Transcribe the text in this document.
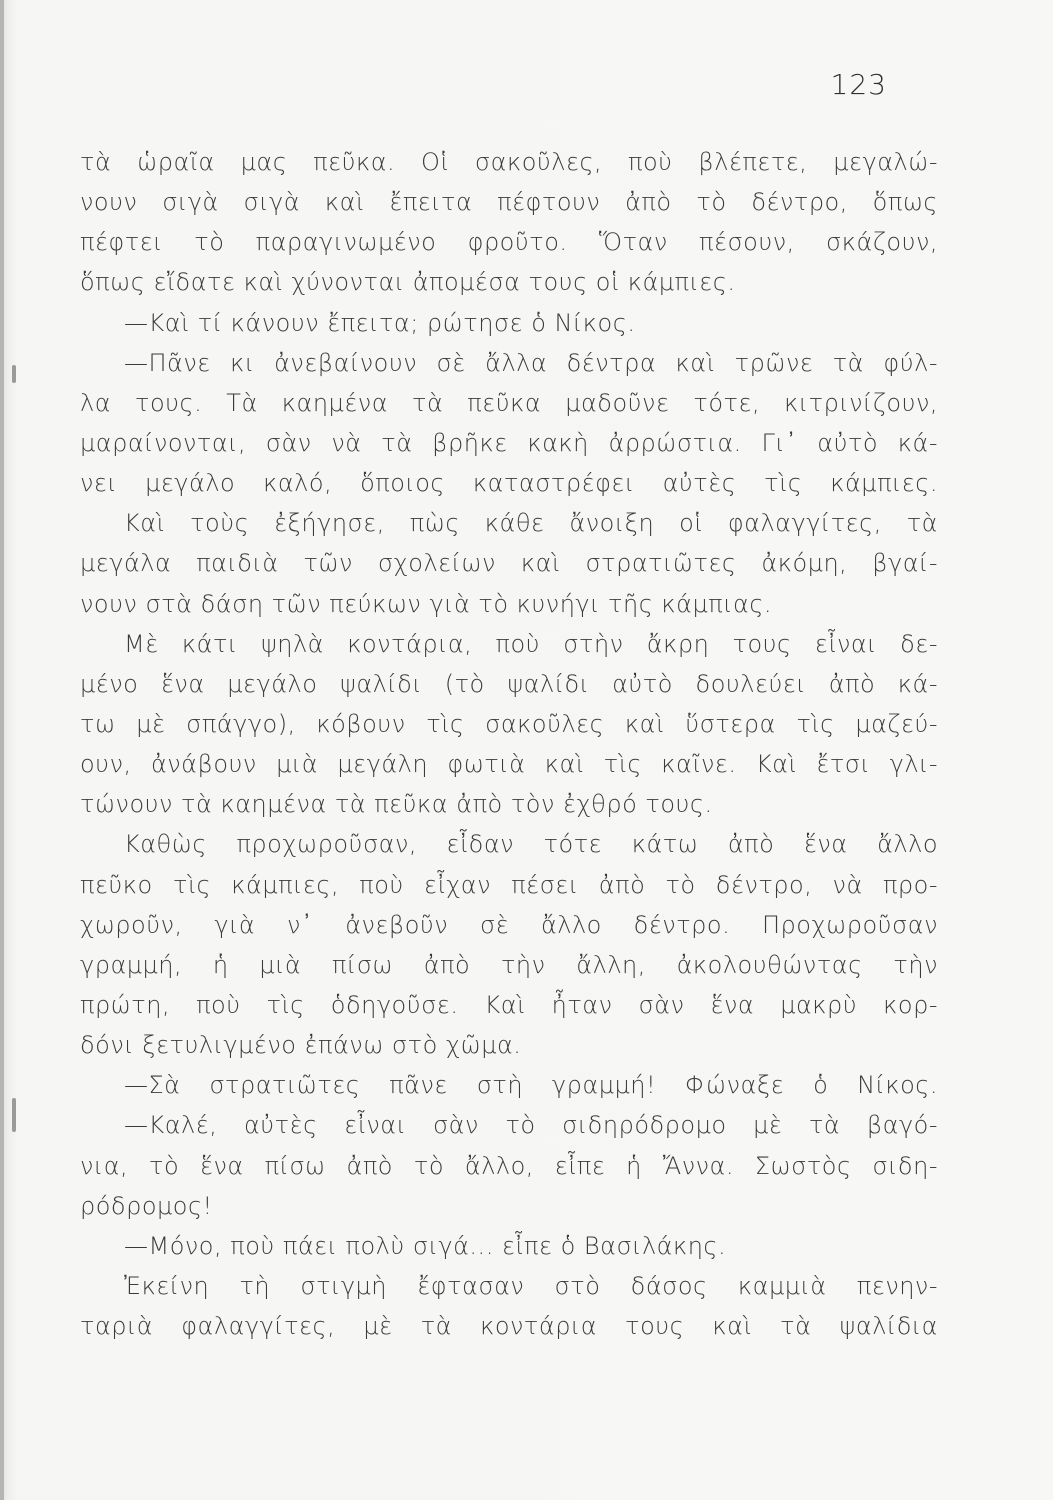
123
τὰ ὡραῖα μας πεῦκα. Οἱ σακοῦλες, ποὺ βλέπετε, μεγαλώ-
νουν σιγὰ σιγὰ καὶ ἔπειτα πέφτουν ἀπὸ τὸ δέντρο, ὅπως
πέφτει τὸ παραγινωμένο φροῦτο. Ὅταν πέσουν, σκάζουν,
ὅπως εἴδατε καὶ χύνονται ἀπομέσα τους οἱ κάμπιες.
—Καὶ τί κάνουν ἔπειτα; ρώτησε ὁ Νίκος.
—Πᾶνε κι ἀνεβαίνουν σὲ ἄλλα δέντρα καὶ τρῶνε τὰ φύλ-
λα τους. Τὰ καημένα τὰ πεῦκα μαδοῦνε τότε, κιτρινίζουν,
μαραίνονται, σὰν νὰ τὰ βρῆκε κακὴ ἀρρώστια. Γι᾽ αὐτὸ κά-
νει μεγάλο καλό, ὅποιος καταστρέφει αὐτὲς τὶς κάμπιες.
Καὶ τοὺς ἐξήγησε, πὼς κάθε ἄνοιξη οἱ φαλαγγίτες, τὰ
μεγάλα παιδιὰ τῶν σχολείων καὶ στρατιῶτες ἀκόμη, βγαί-
νουν στὰ δάση τῶν πεύκων γιὰ τὸ κυνήγι τῆς κάμπιας.
Μὲ κάτι ψηλὰ κοντάρια, ποὺ στὴν ἄκρη τους εἶναι δε-
μένο ἕνα μεγάλο ψαλίδι (τὸ ψαλίδι αὐτὸ δουλεύει ἀπὸ κά-
τω μὲ σπάγγο), κόβουν τὶς σακοῦλες καὶ ὕστερα τὶς μαζεύ-
ουν, ἀνάβουν μιὰ μεγάλη φωτιὰ καὶ τὶς καῖνε. Καὶ ἔτσι γλι-
τώνουν τὰ καημένα τὰ πεῦκα ἀπὸ τὸν ἐχθρό τους.
Καθὼς προχωροῦσαν, εἶδαν τότε κάτω ἀπὸ ἕνα ἄλλο
πεῦκο τὶς κάμπιες, ποὺ εἶχαν πέσει ἀπὸ τὸ δέντρο, νὰ προ-
χωροῦν, γιὰ ν᾽ ἀνεβοῦν σὲ ἄλλο δέντρο. Προχωροῦσαν
γραμμή, ἡ μιὰ πίσω ἀπὸ τὴν ἄλλη, ἀκολουθώντας τὴν
πρώτη, ποὺ τὶς ὁδηγοῦσε. Καὶ ἦταν σὰν ἕνα μακρὺ κορ-
δόνι ξετυλιγμένο ἐπάνω στὸ χῶμα.
—Σὰ στρατιῶτες πᾶνε στὴ γραμμή! Φώναξε ὁ Νίκος.
—Καλέ, αὐτὲς εἶναι σὰν τὸ σιδηρόδρομο μὲ τὰ βαγό-
νια, τὸ ἕνα πίσω ἀπὸ τὸ ἄλλο, εἶπε ἡ Ἄννα. Σωστὸς σιδη-
ρόδρομος!
—Μόνο, ποὺ πάει πολὺ σιγά... εἶπε ὁ Βασιλάκης.
Ἐκείνη τὴ στιγμὴ ἔφτασαν στὸ δάσος καμμιὰ πενην-
ταριὰ φαλαγγίτες, μὲ τὰ κοντάρια τους καὶ τὰ ψαλίδια
